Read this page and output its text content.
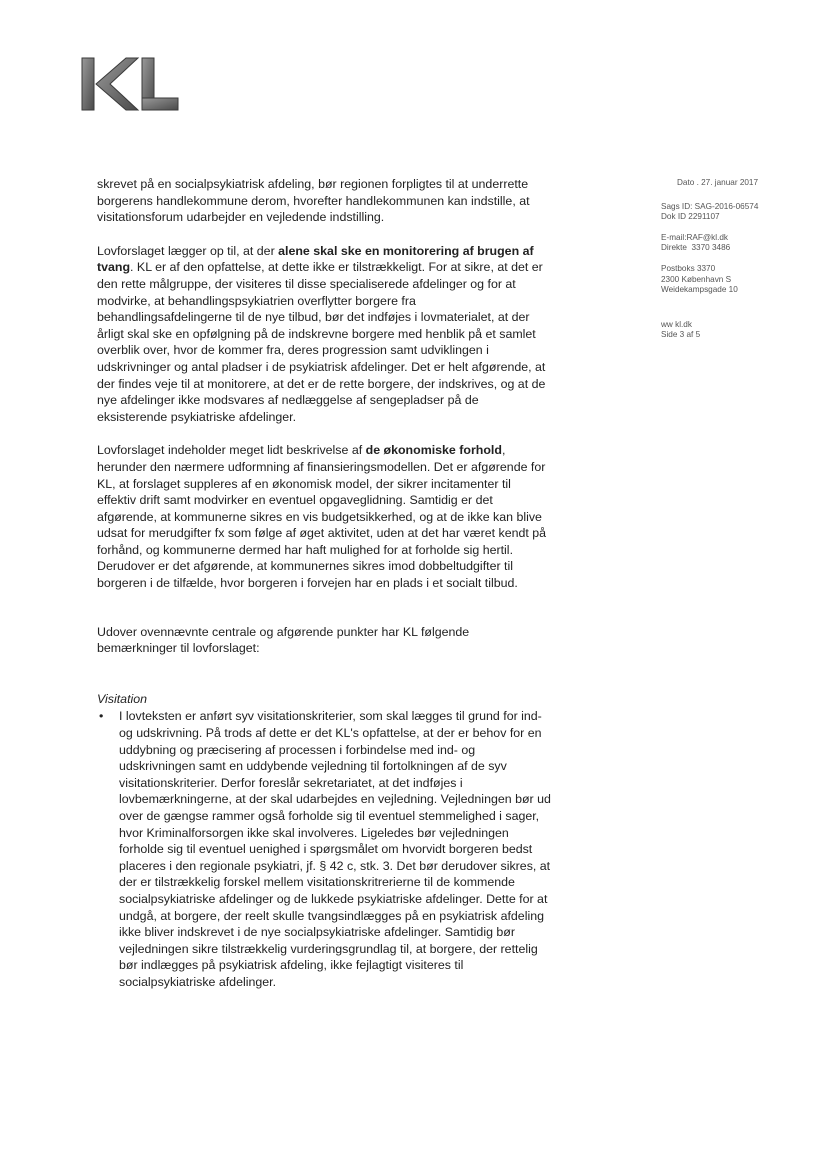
KL

skrevet på en socialpsykiatrisk afdeling, bør regionen forpligtes til at underrette borgerens handlekommune derom, hvorefter handlekommunen kan indstille, at visitationsforum udarbejder en vejledende indstilling.

Lovforslaget lægger op til, at der alene skal ske en monitorering af brugen af tvang. KL er af den opfattelse, at dette ikke er tilstrækkeligt. For at sikre, at det er den rette målgruppe, der visiteres til disse specialiserede afdelinger og for at modvirke, at behandlingspsykiatrien overflytter borgere fra behandlingsafdelingerne til de nye tilbud, bør det indføjes i lovmaterialet, at der årligt skal ske en opfølgning på de indskrevne borgere med henblik på et samlet overblik over, hvor de kommer fra, deres progression samt udviklingen i udskrivninger og antal pladser i de psykiatrisk afdelinger. Det er helt afgørende, at der findes veje til at monitorere, at det er de rette borgere, der indskrives, og at de nye afdelinger ikke modsvares af nedlæggelse af sengepladser på de eksisterende psykiatriske afdelinger.

Lovforslaget indeholder meget lidt beskrivelse af de økonomiske forhold, herunder den nærmere udformning af finansieringsmodellen. Det er afgørende for KL, at forslaget suppleres af en økonomisk model, der sikrer incitamenter til effektiv drift samt modvirker en eventuel opgaveglidning. Samtidig er det afgørende, at kommunerne sikres en vis budgetsikkerhed, og at de ikke kan blive udsat for merudgifter fx som følge af øget aktivitet, uden at det har været kendt på forhånd, og kommunerne dermed har haft mulighed for at forholde sig hertil. Derudover er det afgørende, at kommunernes sikres imod dobbeltudgifter til borgeren i de tilfælde, hvor borgeren i forvejen har en plads i et socialt tilbud.

Udover ovennævnte centrale og afgørende punkter har KL følgende bemærkninger til lovforslaget:

Visitation

•	I lovteksten er anført syv visitationskriterier, som skal lægges til grund for ind- og udskrivning. På trods af dette er det KL's opfattelse, at der er behov for en uddybning og præcisering af processen i forbindelse med ind- og udskrivningen samt en uddybende vejledning til fortolkningen af de syv visitationskriterier. Derfor foreslår sekretariatet, at det indføjes i lovbemærkningerne, at der skal udarbejdes en vejledning. Vejledningen bør ud over de gængse rammer også forholde sig til eventuel stemmelighed i sager, hvor Kriminalforsorgen ikke skal involveres. Ligeledes bør vejledningen forholde sig til eventuel uenighed i spørgsmålet om hvorvidt borgeren bedst placeres i den regionale psykiatri, jf. § 42 c, stk. 3. Det bør derudover sikres, at der er tilstrækkelig forskel mellem visitationskritrerierne til de kommende socialpsykiatriske afdelinger og de lukkede psykiatriske afdelinger. Dette for at undgå, at borgere, der reelt skulle tvangsindlægges på en psykiatrisk afdeling ikke bliver indskrevet i de nye socialpsykiatriske afdelinger. Samtidig bør vejledningen sikre tilstrækkelig vurderingsgrundlag til, at borgere, der rettelig bør indlægges på psykiatrisk afdeling, ikke fejlagtigt visiteres til socialpsykiatriske afdelinger.
Dato . 27. januar 2017
Sags ID: SAG-2016-06574
Dok ID 2291107
E-mail:RAF@kl.dk
Direkte 3370 3486
Postboks 3370
2300 København S
Weidekampsgade 10
ww kl.dk
Side 3 af 5
